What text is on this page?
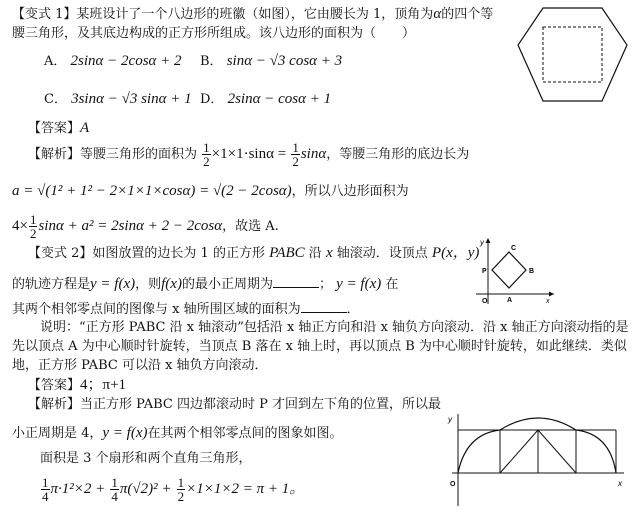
【变式 1】某班设计了一个八边形的班徽（如图），它由腰长为 1，顶角为α的四个等
腰三角形，及其底边构成的正方形所组成。该八边形的面积为（　　）
A． 2sinα − 2cosα + 2 B． sinα − √3 cosα + 3
C． 3sinα − √3 sinα + 1 D． 2sinα − cosα + 1
【答案】A
【解析】等腰三角形的面积为 $\frac{1}{2} \times 1\times 1\cdot\sin\alpha = \frac{1}{2}$ sinα，等腰三角形的底边长为
a = √(1² + 1² − 2×1×1×cosα) = √(2 − 2cosα)，所以八边形面积为
$4\times \frac{1}{2}$ sinα + a² = 2sinα + 2 − 2cosα，故选 A.
【变式 2】如图放置的边长为 1 的正方形 PABC 沿 x 轴滚动．设顶点 P(x，y)
的轨迹方程是y = f(x)，则f(x)的最小正周期为	； y = f(x) 在
其两个相邻零点间的图像与 x 轴所围区域的面积为	．
说明：“正方形 PABC 沿 x 轴滚动”包括沿 x 轴正方向和沿 x 轴负方向滚动．沿 x 轴正方向滚动指的是
先以顶点 A 为中心顺时针旋转，当顶点 B 落在 x 轴上时，再以顶点 B 为中心顺时针旋转，如此继续．类似
地，正方形 PABC 可以沿 x 轴负方向滚动．
【答案】4；π+1
【解析】当正方形 PABC 四边都滚动时 P 才回到左下角的位置，所以最
小正周期是 4，y = f(x)在其两个相邻零点间的图象如图。
面积是 3 个扇形和两个直角三角形，
$\frac{1}{4} \pi\cdot 1^2\times 2 + \frac{1}{4} \pi(√2)^2 + \frac{1}{2} \times 1\times 1\times 2 = \pi + 1$。
y
C
P	B
O	A	x
y
O	x
